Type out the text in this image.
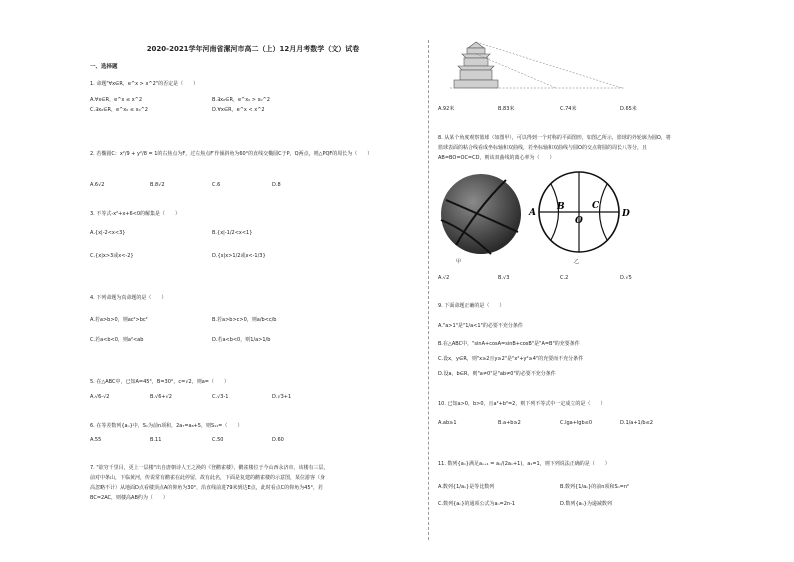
2020-2021学年河南省漯河市高二（上）12月月考数学（文）试卷
一、选择题
1. 命题"∀x∈R，e^x > x^2"的否定是（　　）
A.∀x∈R，e^x ≤ x^2	B.∃x₀∈R，e^x₀ > x₀^2
C.∃x₀∈R，e^x₀ ≤ x₀^2	D.∀x∈R，e^x < x^2
2. 若椭圆C：x²/9 + y²/8 = 1的右焦点为F，过左焦点F′作倾斜角为60°的直线交椭圆C于P，Q两点，则△PQF的周长为（　　）
A.6√2	B.8√2	C.6	D.8
3. 不等式-x²+x+6<0的解集是（　　）
A.{x|-2<x<3}	B.{x|-1/2<x<1}
C.{x|x>3或x<-2}	D.{x|x>1/2或x<-1/3}
4. 下列命题为真命题的是（　　）
A.若a>b>0，则ac²>bc²	B.若a>b>c>0，则a/b<c/b
C.若a<b<0，则a²<ab	D.若a<b<0，则1/a>1/b
5. 在△ABC中，已知A=45°，B=30°，c=√2，则a=（　　）
A.√6-√2	B.√6+√2	C.√3-1	D.√3+1
6. 在等差数列{aₙ}中，Sₙ为前n项和，2a₇=a₈+5，则S₁₁=（　　）
A.55	B.11	C.50	D.60
7. "欲穷千里目，更上一层楼"出自唐朝诗人王之涣的《登鹳雀楼》，鹳雀楼位于今山西永济市，该楼有三层，
前对中条山，下临黄河，传说常有鹳雀在此停留，故有此名，下面是复建的鹳雀楼的示意图，某位游客（身
高忽略不计）从地面D点看楼顶点A的仰角为30°，沿直线前进79米到达E点，此时看点C的仰角为45°，若
BC=2AC，则楼高AB约为（　　）
A.92米	B.83米	C.74米	D.65米
8. 从某个角度观察篮球（如图甲），可以得到一个对称的平面图形，如图乙所示，篮球的外轮廓为圆O，将
篮球表面的粘合线看成坐标轴和双曲线，若坐标轴和双曲线与圆O的交点将圆的周长八等分，且
AB=BO=OC=CD，则该双曲线的离心率为（　　）
甲
A
B	C
O
D
乙
A.√2	B.√3	C.2	D.√5
9. 下面命题正确的是（　　）
A."a>1"是"1/a<1"的必要不充分条件
B.在△ABC中，"sinA+cosA=sinB+cosB"是"A=B"的充要条件
C.设x，y∈R，则"x≥2且y≥2"是"x²+y²≥4"的充要而不充分条件
D.设a，b∈R，则"a≠0"是"ab≠0"的必要不充分条件
10. 已知a>0，b>0，且a²+b²=2，则下列不等式中一定成立的是（　　）
A.ab≥1	B.a+b≥2	C.lga+lgb≤0	D.1/a+1/b≤2
11. 数列{aₙ}满足aₙ₊₁ = aₙ/(2aₙ+1)，a₁=1，则下列说法正确的是（　　）
A.数列{1/aₙ}是等比数列	B.数列{1/aₙ}的前n项和Sₙ=n²
C.数列{aₙ}的通项公式为aₙ=2n-1	D.数列{aₙ}为递减数列
